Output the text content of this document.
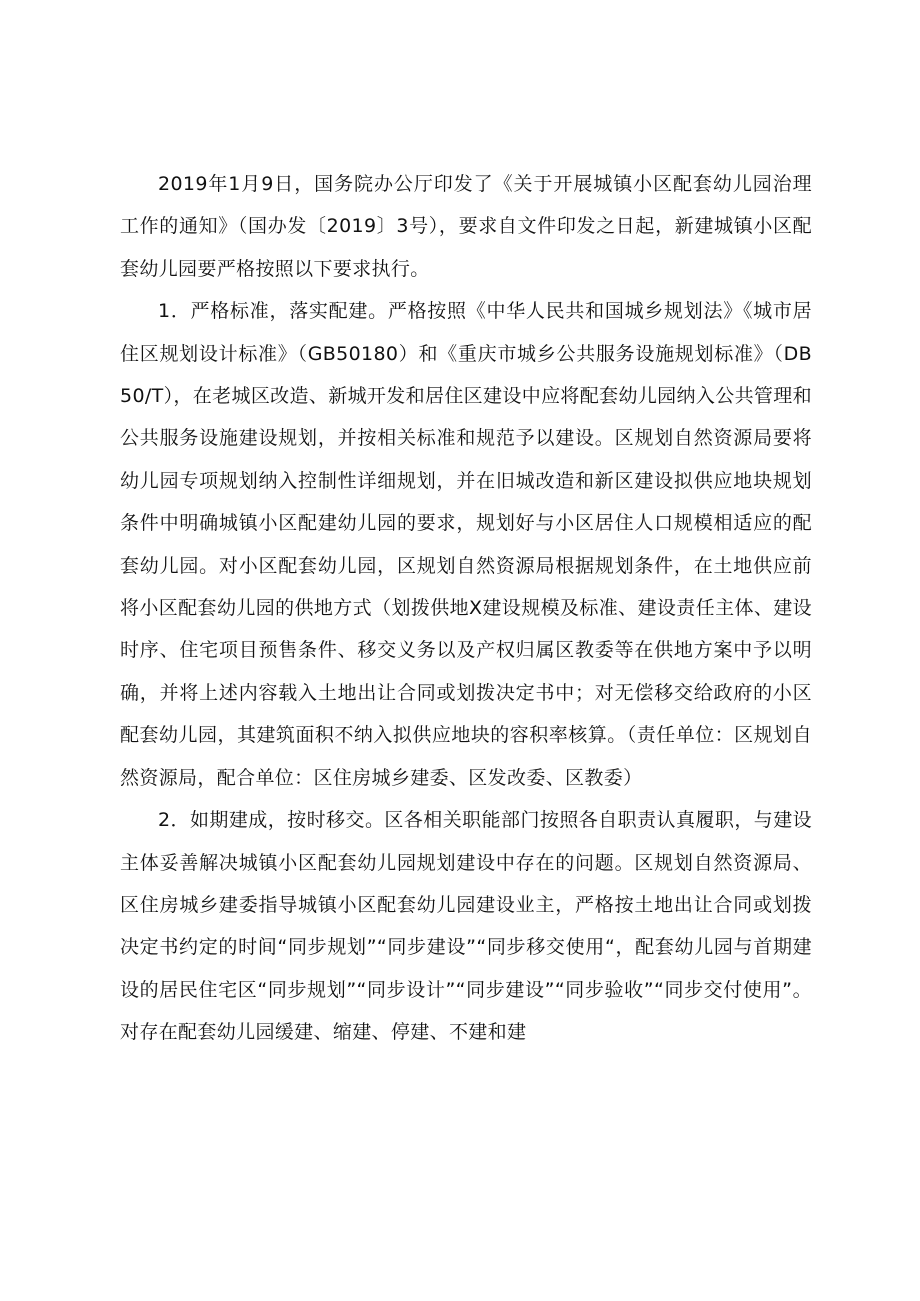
2019年1月9日，国务院办公厅印发了《关于开展城镇小区配套幼儿园治理工作的通知》（国办发〔2019〕3号），要求自文件印发之日起，新建城镇小区配套幼儿园要严格按照以下要求执行。

1．严格标准，落实配建。严格按照《中华人民共和国城乡规划法》《城市居住区规划设计标准》（GB50180）和《重庆市城乡公共服务设施规划标准》（DB50/T），在老城区改造、新城开发和居住区建设中应将配套幼儿园纳入公共管理和公共服务设施建设规划，并按相关标准和规范予以建设。区规划自然资源局要将幼儿园专项规划纳入控制性详细规划，并在旧城改造和新区建设拟供应地块规划条件中明确城镇小区配建幼儿园的要求，规划好与小区居住人口规模相适应的配套幼儿园。对小区配套幼儿园，区规划自然资源局根据规划条件，在土地供应前将小区配套幼儿园的供地方式（划拨供地X建设规模及标准、建设责任主体、建设时序、住宅项目预售条件、移交义务以及产权归属区教委等在供地方案中予以明确，并将上述内容载入土地出让合同或划拨决定书中；对无偿移交给政府的小区配套幼儿园，其建筑面积不纳入拟供应地块的容积率核算。（责任单位：区规划自然资源局，配合单位：区住房城乡建委、区发改委、区教委）

2．如期建成，按时移交。区各相关职能部门按照各自职责认真履职，与建设主体妥善解决城镇小区配套幼儿园规划建设中存在的问题。区规划自然资源局、区住房城乡建委指导城镇小区配套幼儿园建设业主，严格按土地出让合同或划拨决定书约定的时间“同步规划”“同步建设”“同步移交使用“，配套幼儿园与首期建设的居民住宅区“同步规划”“同步设计”“同步建设”“同步验收”“同步交付使用”。对存在配套幼儿园缓建、缩建、停建、不建和建
